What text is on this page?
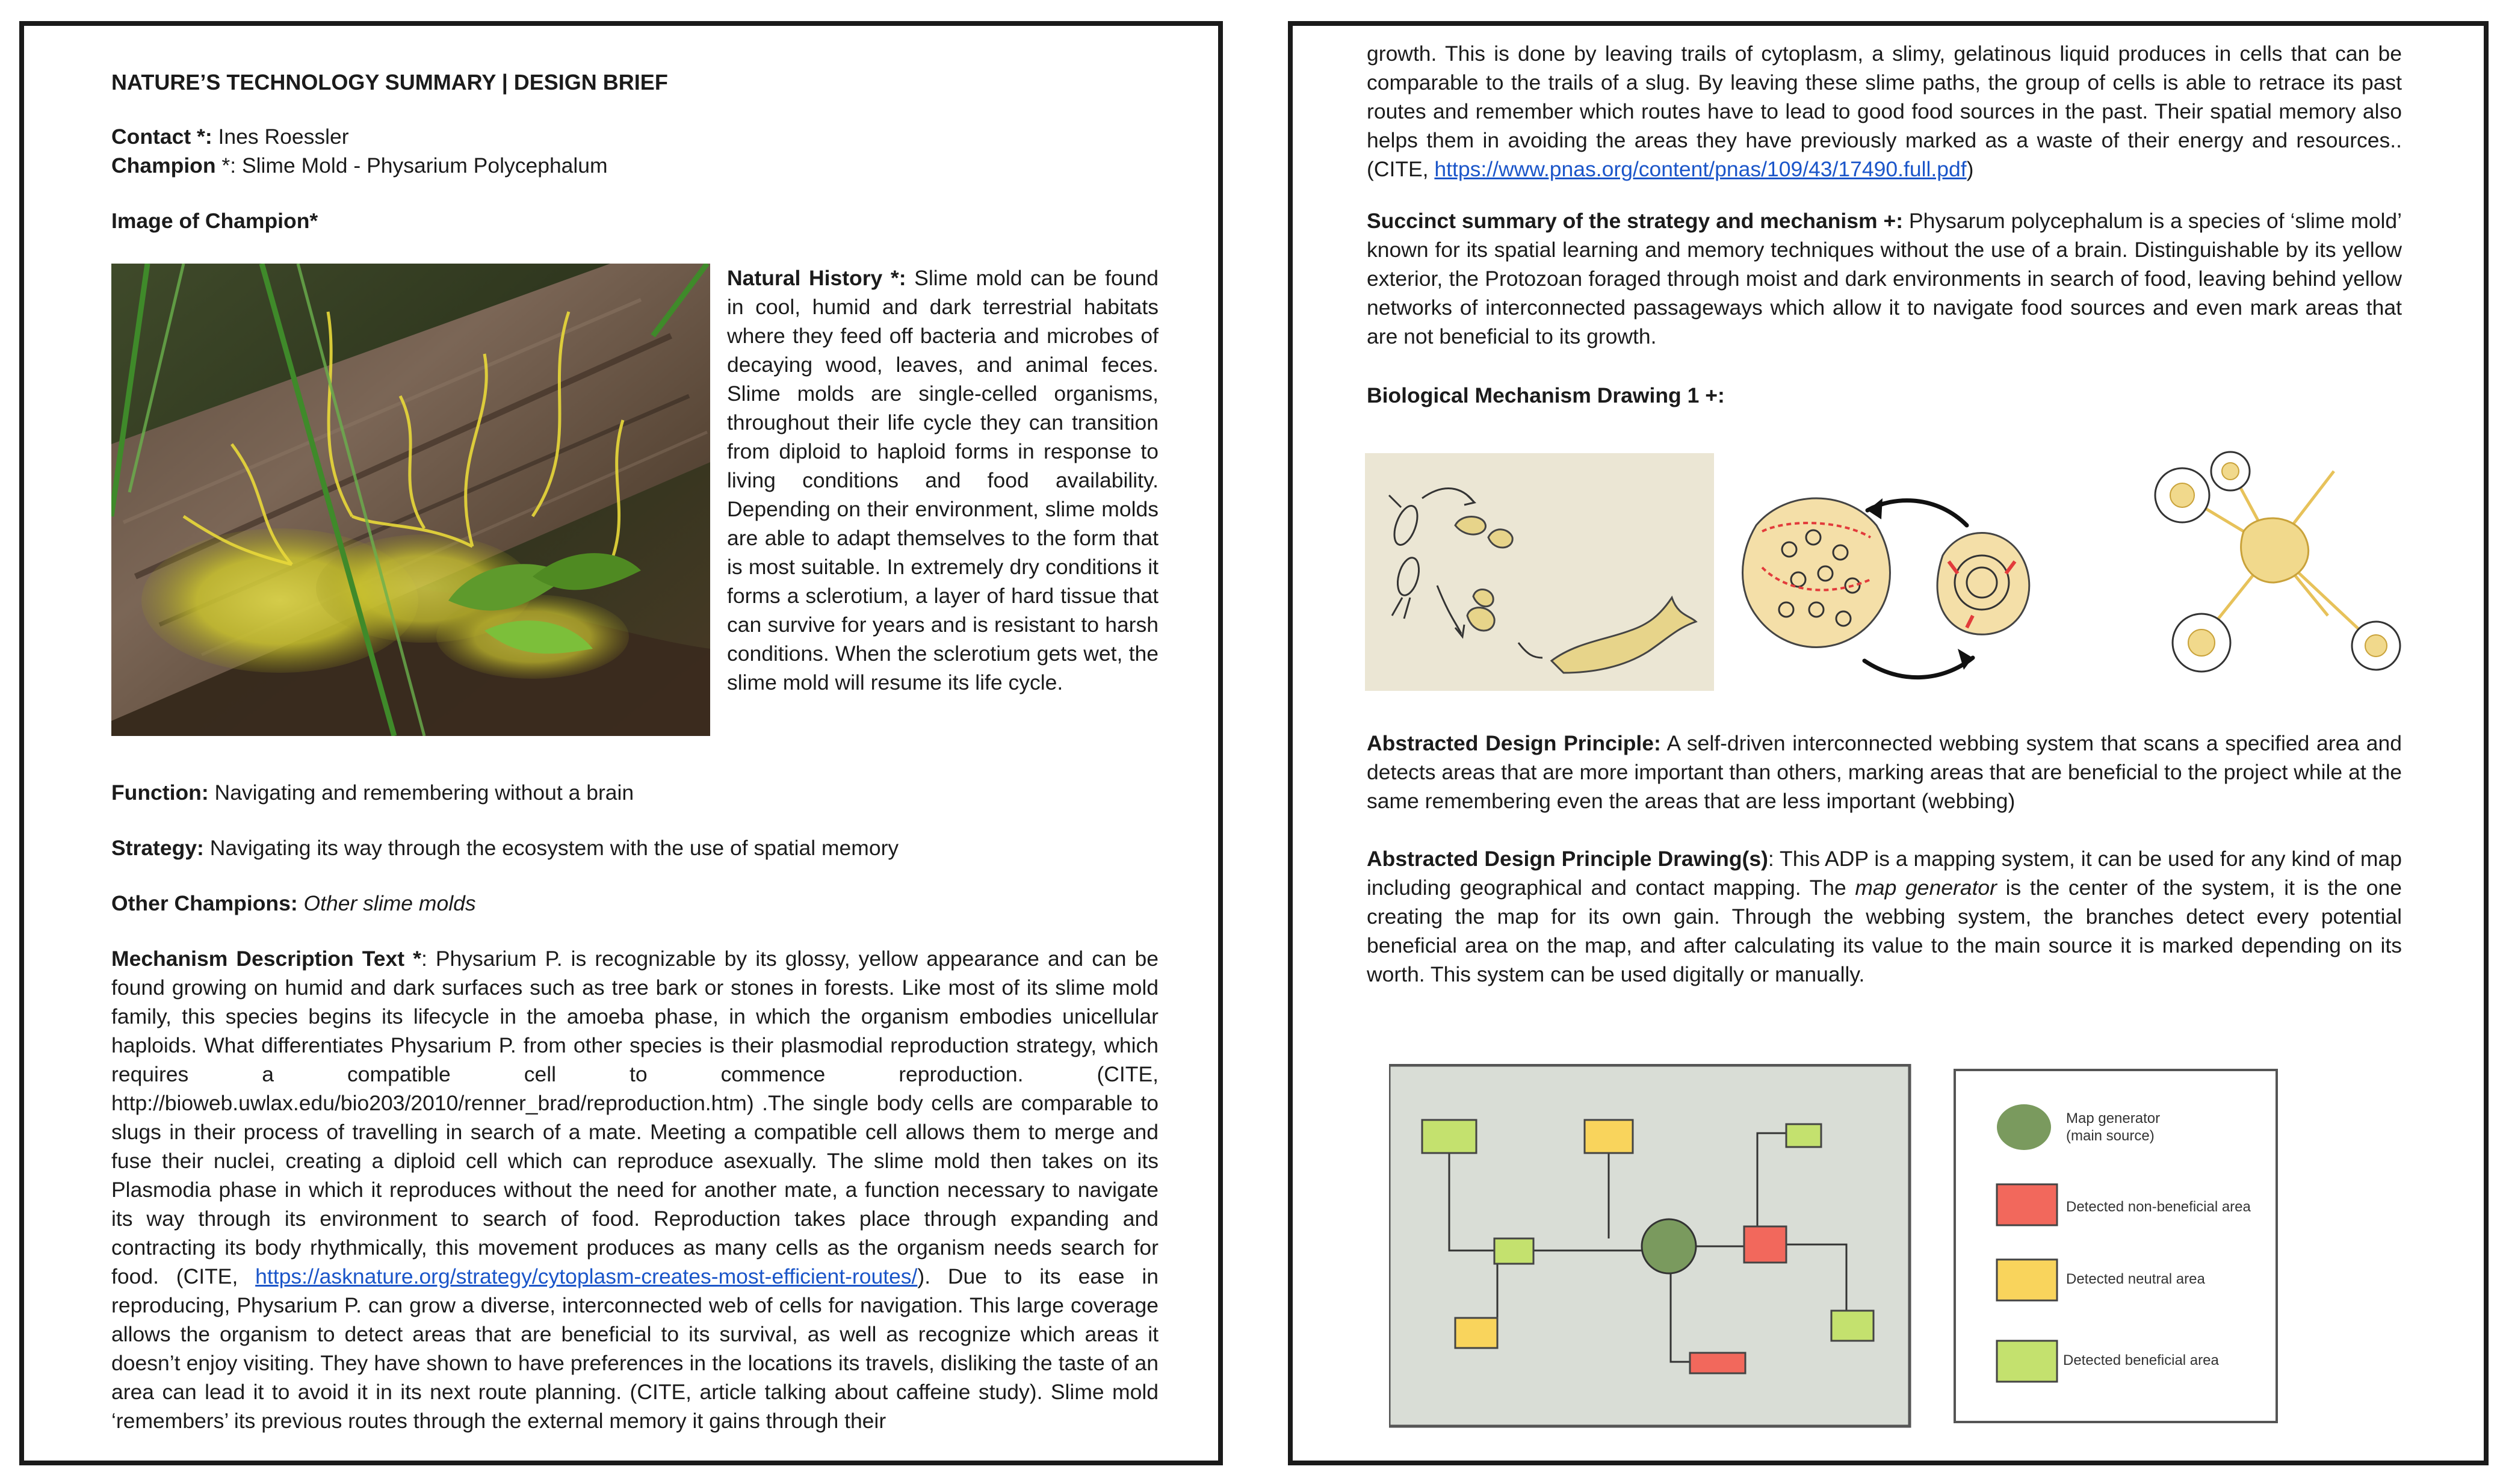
NATURE’S TECHNOLOGY SUMMARY | DESIGN BRIEF

Contact *: Ines Roessler

Champion *: Slime Mold - Physarium Polycephalum

Image of Champion*

Natural History *: Slime mold can be found in cool, humid and dark terrestrial habitats where they feed off bacteria and microbes of decaying wood, leaves, and animal feces. Slime molds are single-celled organisms, throughout their life cycle they can transition from diploid to haploid forms in response to living conditions and food availability. Depending on their environment, slime molds are able to adapt themselves to the form that is most suitable. In extremely dry conditions it forms a sclerotium, a layer of hard tissue that can survive for years and is resistant to harsh conditions. When the sclerotium gets wet, the slime mold will resume its life cycle.

Function: Navigating and remembering without a brain

Strategy: Navigating its way through the ecosystem with the use of spatial memory

Other Champions: Other slime molds

Mechanism Description Text *: Physarium P. is recognizable by its glossy, yellow appearance and can be found growing on humid and dark surfaces such as tree bark or stones in forests. Like most of its slime mold family, this species begins its lifecycle in the amoeba phase, in which the organism embodies unicellular haploids. What differentiates Physarium P. from other species is their plasmodial reproduction strategy, which requires a compatible cell to commence reproduction. (CITE, http://bioweb.uwlax.edu/bio203/2010/renner_brad/reproduction.htm) .The single body cells are comparable to slugs in their process of travelling in search of a mate. Meeting a compatible cell allows them to merge and fuse their nuclei, creating a diploid cell which can reproduce asexually. The slime mold then takes on its Plasmodia phase in which it reproduces without the need for another mate, a function necessary to navigate its way through its environment to search of food. Reproduction takes place through expanding and contracting its body rhythmically, this movement produces as many cells as the organism needs search for food. (CITE, https://asknature.org/strategy/cytoplasm-creates-most-efficient-routes/). Due to its ease in reproducing, Physarium P. can grow a diverse, interconnected web of cells for navigation. This large coverage allows the organism to detect areas that are beneficial to its survival, as well as recognize which areas it doesn’t enjoy visiting. They have shown to have preferences in the locations its travels, disliking the taste of an area can lead it to avoid it in its next route planning. (CITE, article talking about caffeine study). Slime mold ‘remembers’ its previous routes through the external memory it gains through their

growth. This is done by leaving trails of cytoplasm, a slimy, gelatinous liquid produces in cells that can be comparable to the trails of a slug. By leaving these slime paths, the group of cells is able to retrace its past routes and remember which routes have to lead to good food sources in the past. Their spatial memory also helps them in avoiding the areas they have previously marked as a waste of their energy and resources.. (CITE, https://www.pnas.org/content/pnas/109/43/17490.full.pdf)

Succinct summary of the strategy and mechanism +: Physarum polycephalum is a species of ‘slime mold’ known for its spatial learning and memory techniques without the use of a brain. Distinguishable by its yellow exterior, the Protozoan foraged through moist and dark environments in search of food, leaving behind yellow networks of interconnected passageways which allow it to navigate food sources and even mark areas that are not beneficial to its growth.

Biological Mechanism Drawing 1 +:

Abstracted Design Principle: A self-driven interconnected webbing system that scans a specified area and detects areas that are more important than others, marking areas that are beneficial to the project while at the same remembering even the areas that are less important (webbing)

Abstracted Design Principle Drawing(s): This ADP is a mapping system, it can be used for any kind of map including geographical and contact mapping. The map generator is the center of the system, it is the one creating the map for its own gain. Through the webbing system, the branches detect every potential beneficial area on the map, and after calculating its value to the main source it is marked depending on its worth. This system can be used digitally or manually.

Map generator
(main source)
Detected non-beneficial area
Detected neutral area
Detected beneficial area
